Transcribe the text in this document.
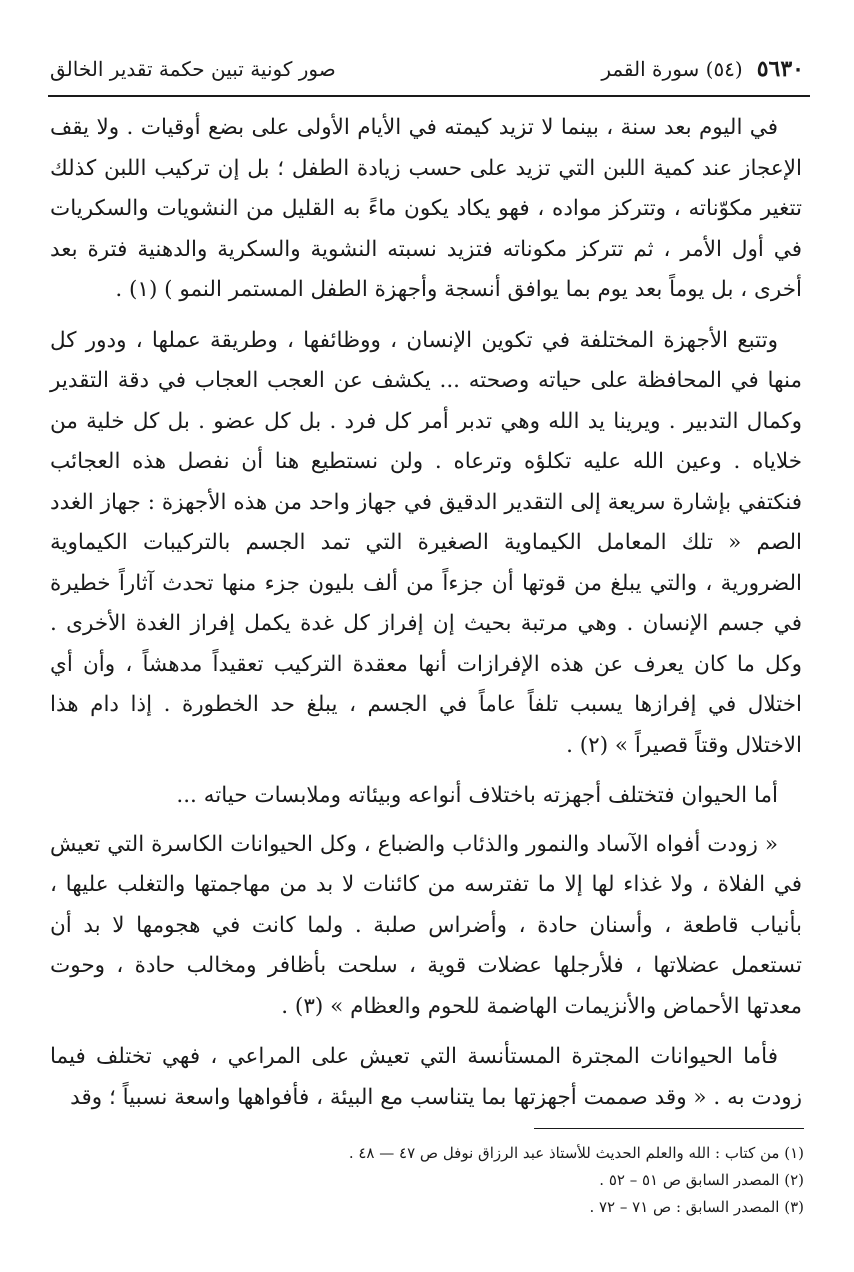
٥٦٣٠
(٥٤) سورة القمر
صور كونية تبين حكمة تقدير الخالق

في اليوم بعد سنة ، بينما لا تزيد كيمته في الأيام الأولى على بضع أوقيات . ولا يقف الإعجاز عند كمية اللبن التي تزيد على حسب زيادة الطفل ؛ بل إن تركيب اللبن كذلك تتغير مكوّناته ، وتتركز مواده ، فهو يكاد يكون ماءً به القليل من النشويات والسكريات في أول الأمر ، ثم تتركز مكوناته فتزيد نسبته النشوية والسكرية والدهنية فترة بعد أخرى ، بل يوماً بعد يوم بما يوافق أنسجة وأجهزة الطفل المستمر النمو ) (١) .

وتتبع الأجهزة المختلفة في تكوين الإنسان ، ووظائفها ، وطريقة عملها ، ودور كل منها في المحافظة على حياته وصحته ... يكشف عن العجب العجاب في دقة التقدير وكمال التدبير . ويرينا يد الله وهي تدبر أمر كل فرد . بل كل عضو . بل كل خلية من خلاياه . وعين الله عليه تكلؤه وترعاه . ولن نستطيع هنا أن نفصل هذه العجائب فنكتفي بإشارة سريعة إلى التقدير الدقيق في جهاز واحد من هذه الأجهزة : جهاز الغدد الصم « تلك المعامل الكيماوية الصغيرة التي تمد الجسم بالتركيبات الكيماوية الضرورية ، والتي يبلغ من قوتها أن جزءاً من ألف بليون جزء منها تحدث آثاراً خطيرة في جسم الإنسان . وهي مرتبة بحيث إن إفراز كل غدة يكمل إفراز الغدة الأخرى . وكل ما كان يعرف عن هذه الإفرازات أنها معقدة التركيب تعقيداً مدهشاً ، وأن أي اختلال في إفرازها يسبب تلفاً عاماً في الجسم ، يبلغ حد الخطورة . إذا دام هذا الاختلال وقتاً قصيراً » (٢) .

أما الحيوان فتختلف أجهزته باختلاف أنواعه وبيئاته وملابسات حياته ...

« زودت أفواه الآساد والنمور والذئاب والضباع ، وكل الحيوانات الكاسرة التي تعيش في الفلاة ، ولا غذاء لها إلا ما تفترسه من كائنات لا بد من مهاجمتها والتغلب عليها ، بأنياب قاطعة ، وأسنان حادة ، وأضراس صلبة . ولما كانت في هجومها لا بد أن تستعمل عضلاتها ، فلأرجلها عضلات قوية ، سلحت بأظافر ومخالب حادة ، وحوت معدتها الأحماض والأنزيمات الهاضمة للحوم والعظام » (٣) .

فأما الحيوانات المجترة المستأنسة التي تعيش على المراعي ، فهي تختلف فيما زودت به . « وقد صممت أجهزتها بما يتناسب مع البيئة ، فأفواهها واسعة نسبياً ؛ وقد

(١) من كتاب : الله والعلم الحديث للأستاذ عبد الرزاق نوفل ص ٤٧ — ٤٨ .
(٢) المصدر السابق ص ٥١ – ٥٢ .
(٣) المصدر السابق : ص ٧١ – ٧٢ .
